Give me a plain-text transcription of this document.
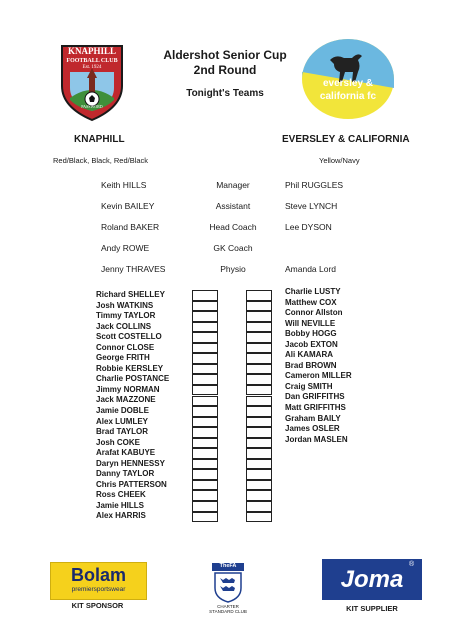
KNAPHILL
FOOTBALL CLUB
Est. 1924
PASSWORD
Aldershot Senior Cup
2nd Round
Tonight's Teams
eversley &
california fc
KNAPHILL	EVERSLEY & CALIFORNIA
Red/Black, Black, Red/Black	Yellow/Navy
Keith HILLS
Kevin BAILEY
Roland BAKER
Andy ROWE
Jenny THRAVES
Manager
Assistant
Head Coach
GK Coach
Physio
Phil RUGGLES
Steve LYNCH
Lee DYSON
Amanda Lord
Richard SHELLEY
Josh WATKINS
Timmy TAYLOR
Jack COLLINS
Scott COSTELLO
Connor CLOSE
George FRITH
Robbie KERSLEY
Charlie POSTANCE
Jimmy NORMAN
Jack MAZZONE
Jamie DOBLE
Alex LUMLEY
Brad TAYLOR
Josh COKE
Arafat KABUYE
Daryn HENNESSY
Danny TAYLOR
Chris PATTERSON
Ross CHEEK
Jamie HILLS
Alex HARRIS
Charlie LUSTY
Matthew COX
Connor Allston
Will NEVILLE
Bobby HOGG
Jacob EXTON
Ali KAMARA
Brad BROWN
Cameron MILLER
Craig SMITH
Dan GRIFFITHS
Matt GRIFFITHS
Graham BAILY
James OSLER
Jordan MASLEN
Bolam
premiersportswear
KIT SPONSOR
TheFA
CHARTER
STANDARD CLUB
Joma
®
KIT SUPPLIER
